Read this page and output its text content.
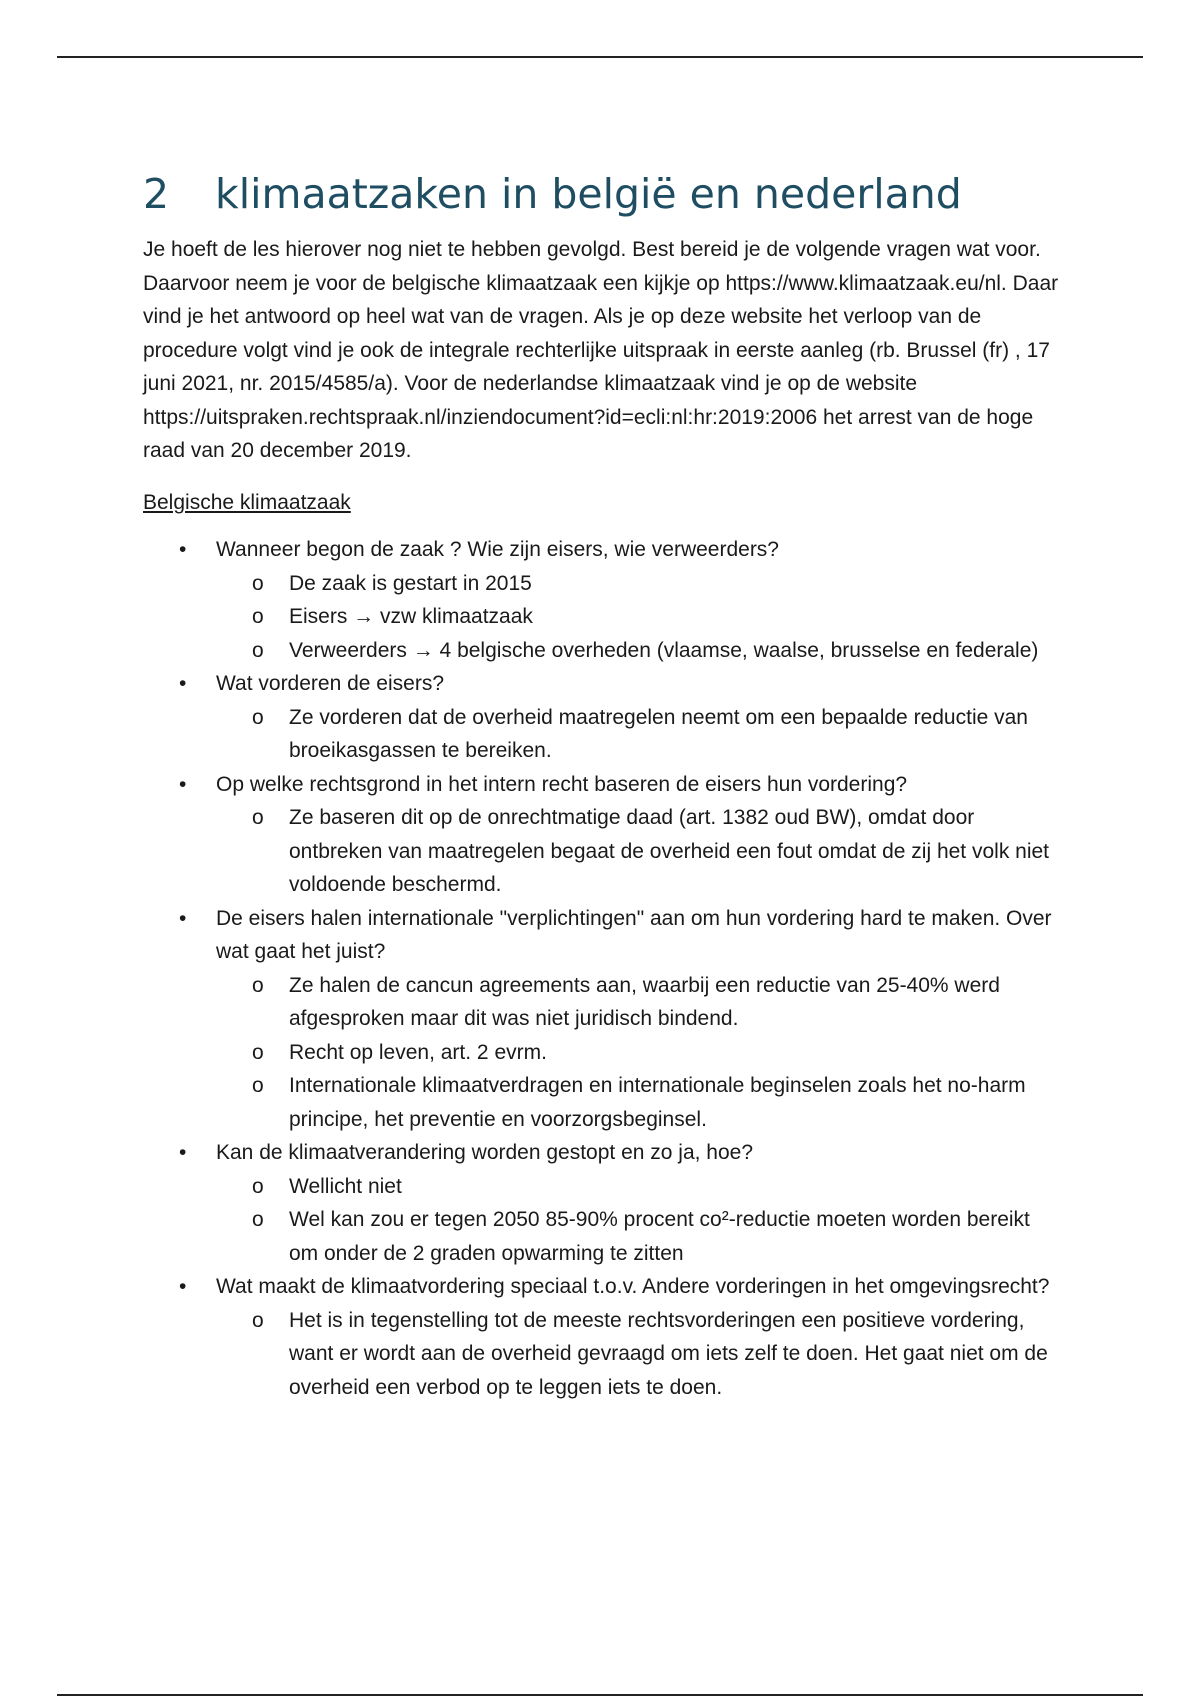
2	klimaatzaken in belgië en nederland

Je hoeft de les hierover nog niet te hebben gevolgd. Best bereid je de volgende vragen wat voor. Daarvoor neem je voor de belgische klimaatzaak een kijkje op https://www.klimaatzaak.eu/nl. Daar vind je het antwoord op heel wat van de vragen. Als je op deze website het verloop van de procedure volgt vind je ook de integrale rechterlijke uitspraak in eerste aanleg (rb. Brussel (fr) , 17 juni 2021, nr. 2015/4585/a). Voor de nederlandse klimaatzaak vind je op de website https://uitspraken.rechtspraak.nl/inziendocument?id=ecli:nl:hr:2019:2006 het arrest van de hoge raad van 20 december 2019.

Belgische klimaatzaak
•	Wanneer begon de zaak ? Wie zijn eisers, wie verweerders?
o	De zaak is gestart in 2015
o	Eisers → vzw klimaatzaak
o	Verweerders → 4 belgische overheden (vlaamse, waalse, brusselse en federale)
•	Wat vorderen de eisers?
o	Ze vorderen dat de overheid maatregelen neemt om een bepaalde reductie van broeikasgassen te bereiken.
•	Op welke rechtsgrond in het intern recht baseren de eisers hun vordering?
o	Ze baseren dit op de onrechtmatige daad (art. 1382 oud BW), omdat door ontbreken van maatregelen begaat de overheid een fout omdat de zij het volk niet voldoende beschermd.
•	De eisers halen internationale "verplichtingen" aan om hun vordering hard te maken. Over wat gaat het juist?
o	Ze halen de cancun agreements aan, waarbij een reductie van 25-40% werd afgesproken maar dit was niet juridisch bindend.
o	Recht op leven, art. 2 evrm.
o	Internationale klimaatverdragen en internationale beginselen zoals het no-harm principe, het preventie en voorzorgsbeginsel.
•	Kan de klimaatverandering worden gestopt en zo ja, hoe?
o	Wellicht niet
o	Wel kan zou er tegen 2050 85-90% procent co²-reductie moeten worden bereikt om onder de 2 graden opwarming te zitten
•	Wat maakt de klimaatvordering speciaal t.o.v. Andere vorderingen in het omgevingsrecht?
o	Het is in tegenstelling tot de meeste rechtsvorderingen een positieve vordering, want er wordt aan de overheid gevraagd om iets zelf te doen. Het gaat niet om de overheid een verbod op te leggen iets te doen.
